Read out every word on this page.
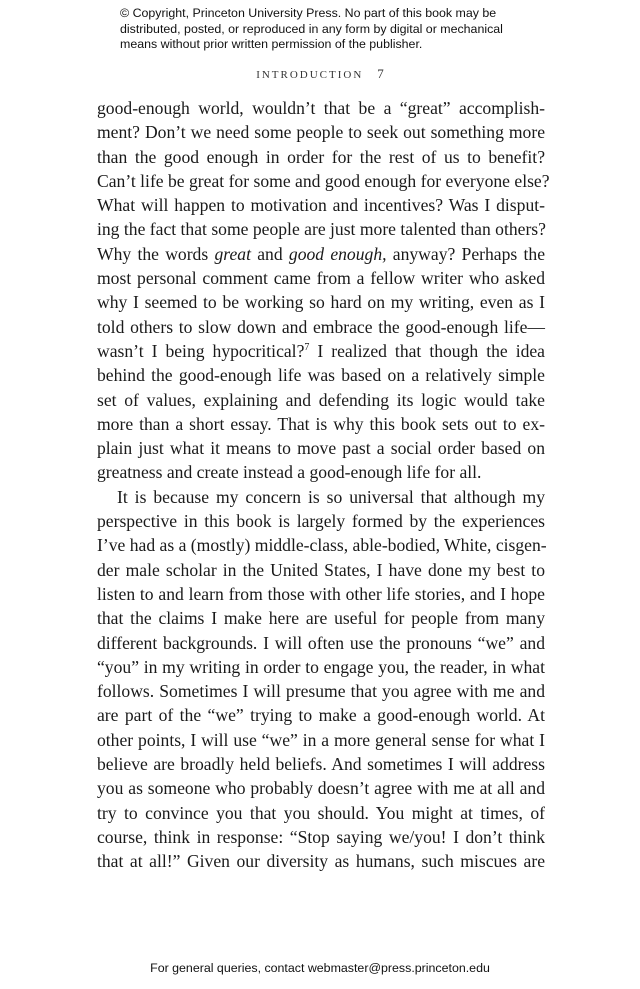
© Copyright, Princeton University Press. No part of this book may be
distributed, posted, or reproduced in any form by digital or mechanical
means without prior written permission of the publisher.
INTRODUCTION 7
good-enough world, wouldn’t that be a “great” accomplish-
ment? Don’t we need some people to seek out something more
than the good enough in order for the rest of us to benefit?
Can’t life be great for some and good enough for everyone else?
What will happen to motivation and incentives? Was I disput-
ing the fact that some people are just more talented than others?
Why the words great and good enough, anyway? Perhaps the
most personal comment came from a fellow writer who asked
why I seemed to be working so hard on my writing, even as I
told others to slow down and embrace the good-enough life—
wasn’t I being hypocritical?$^7$ I realized that though the idea
behind the good-enough life was based on a relatively simple
set of values, explaining and defending its logic would take
more than a short essay. That is why this book sets out to ex-
plain just what it means to move past a social order based on
greatness and create instead a good-enough life for all.
It is because my concern is so universal that although my
perspective in this book is largely formed by the experiences
I’ve had as a (mostly) middle-class, able-bodied, White, cisgen-
der male scholar in the United States, I have done my best to
listen to and learn from those with other life stories, and I hope
that the claims I make here are useful for people from many
different backgrounds. I will often use the pronouns “we” and
“you” in my writing in order to engage you, the reader, in what
follows. Sometimes I will presume that you agree with me and
are part of the “we” trying to make a good-enough world. At
other points, I will use “we” in a more general sense for what I
believe are broadly held beliefs. And sometimes I will address
you as someone who probably doesn’t agree with me at all and
try to convince you that you should. You might at times, of
course, think in response: “Stop saying we/you! I don’t think
that at all!” Given our diversity as humans, such miscues are
For general queries, contact webmaster@press.princeton.edu
